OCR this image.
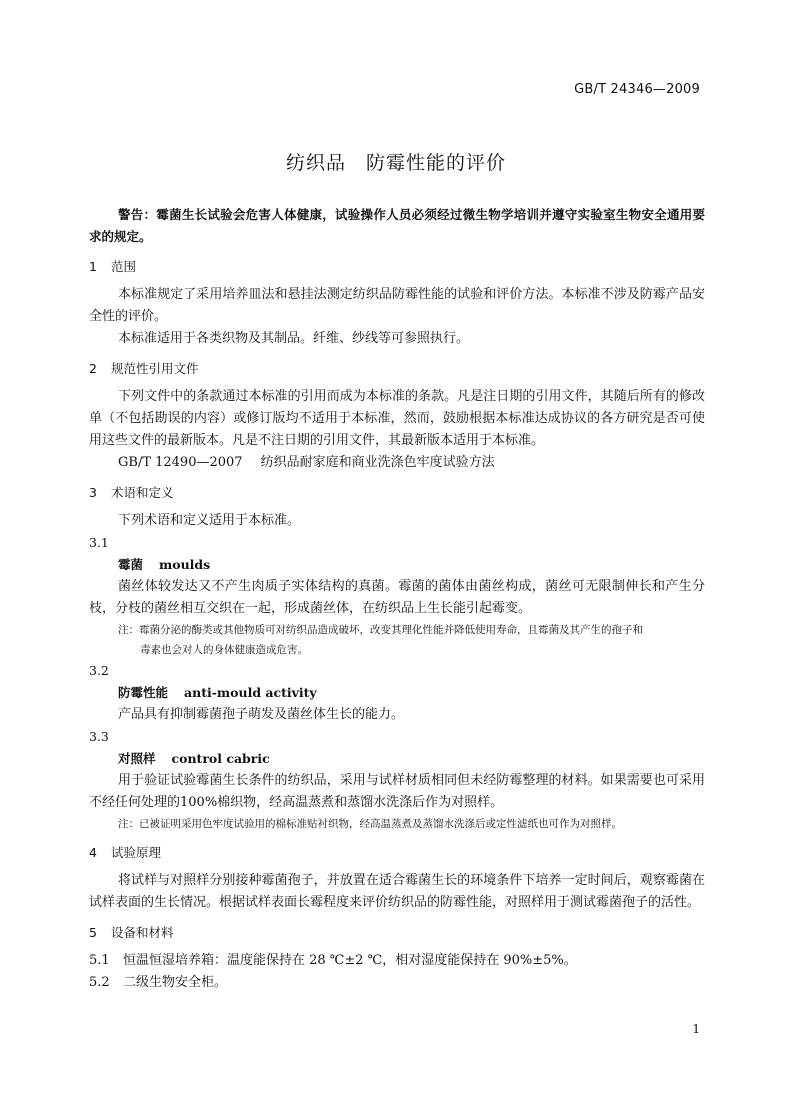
GB/T 24346—2009
纺织品　防霉性能的评价

警告：霉菌生长试验会危害人体健康，试验操作人员必须经过微生物学培训并遵守实验室生物安全通用要求的规定。

1 范围

本标准规定了采用培养皿法和悬挂法测定纺织品防霉性能的试验和评价方法。本标准不涉及防霉产品安全性的评价。

本标准适用于各类织物及其制品。纤维、纱线等可参照执行。

2 规范性引用文件

下列文件中的条款通过本标准的引用而成为本标准的条款。凡是注日期的引用文件，其随后所有的修改单（不包括勘误的内容）或修订版均不适用于本标准，然而，鼓励根据本标准达成协议的各方研究是否可使用这些文件的最新版本。凡是不注日期的引用文件，其最新版本适用于本标准。

GB/T 12490—2007 纺织品耐家庭和商业洗涤色牢度试验方法

3 术语和定义

下列术语和定义适用于本标准。

3.1

霉菌 moulds

菌丝体较发达又不产生肉质子实体结构的真菌。霉菌的菌体由菌丝构成，菌丝可无限制伸长和产生分枝，分枝的菌丝相互交织在一起，形成菌丝体，在纺织品上生长能引起霉变。

注：霉菌分泌的酶类或其他物质可对纺织品造成破坏，改变其理化性能并降低使用寿命，且霉菌及其产生的孢子和

毒素也会对人的身体健康造成危害。

3.2

防霉性能 anti-mould activity

产品具有抑制霉菌孢子萌发及菌丝体生长的能力。

3.3

对照样 control cabric

用于验证试验霉菌生长条件的纺织品，采用与试样材质相同但未经防霉整理的材料。如果需要也可采用不经任何处理的100%棉织物，经高温蒸煮和蒸馏水洗涤后作为对照样。

注：已被证明采用色牢度试验用的棉标准贴衬织物，经高温蒸煮及蒸馏水洗涤后或定性滤纸也可作为对照样。

4 试验原理

将试样与对照样分别接种霉菌孢子，并放置在适合霉菌生长的环境条件下培养一定时间后，观察霉菌在试样表面的生长情况。根据试样表面长霉程度来评价纺织品的防霉性能，对照样用于测试霉菌孢子的活性。

5 设备和材料

5.1 恒温恒湿培养箱：温度能保持在 28 ℃±2 ℃，相对湿度能保持在 90%±5%。

5.2 二级生物安全柜。

1
